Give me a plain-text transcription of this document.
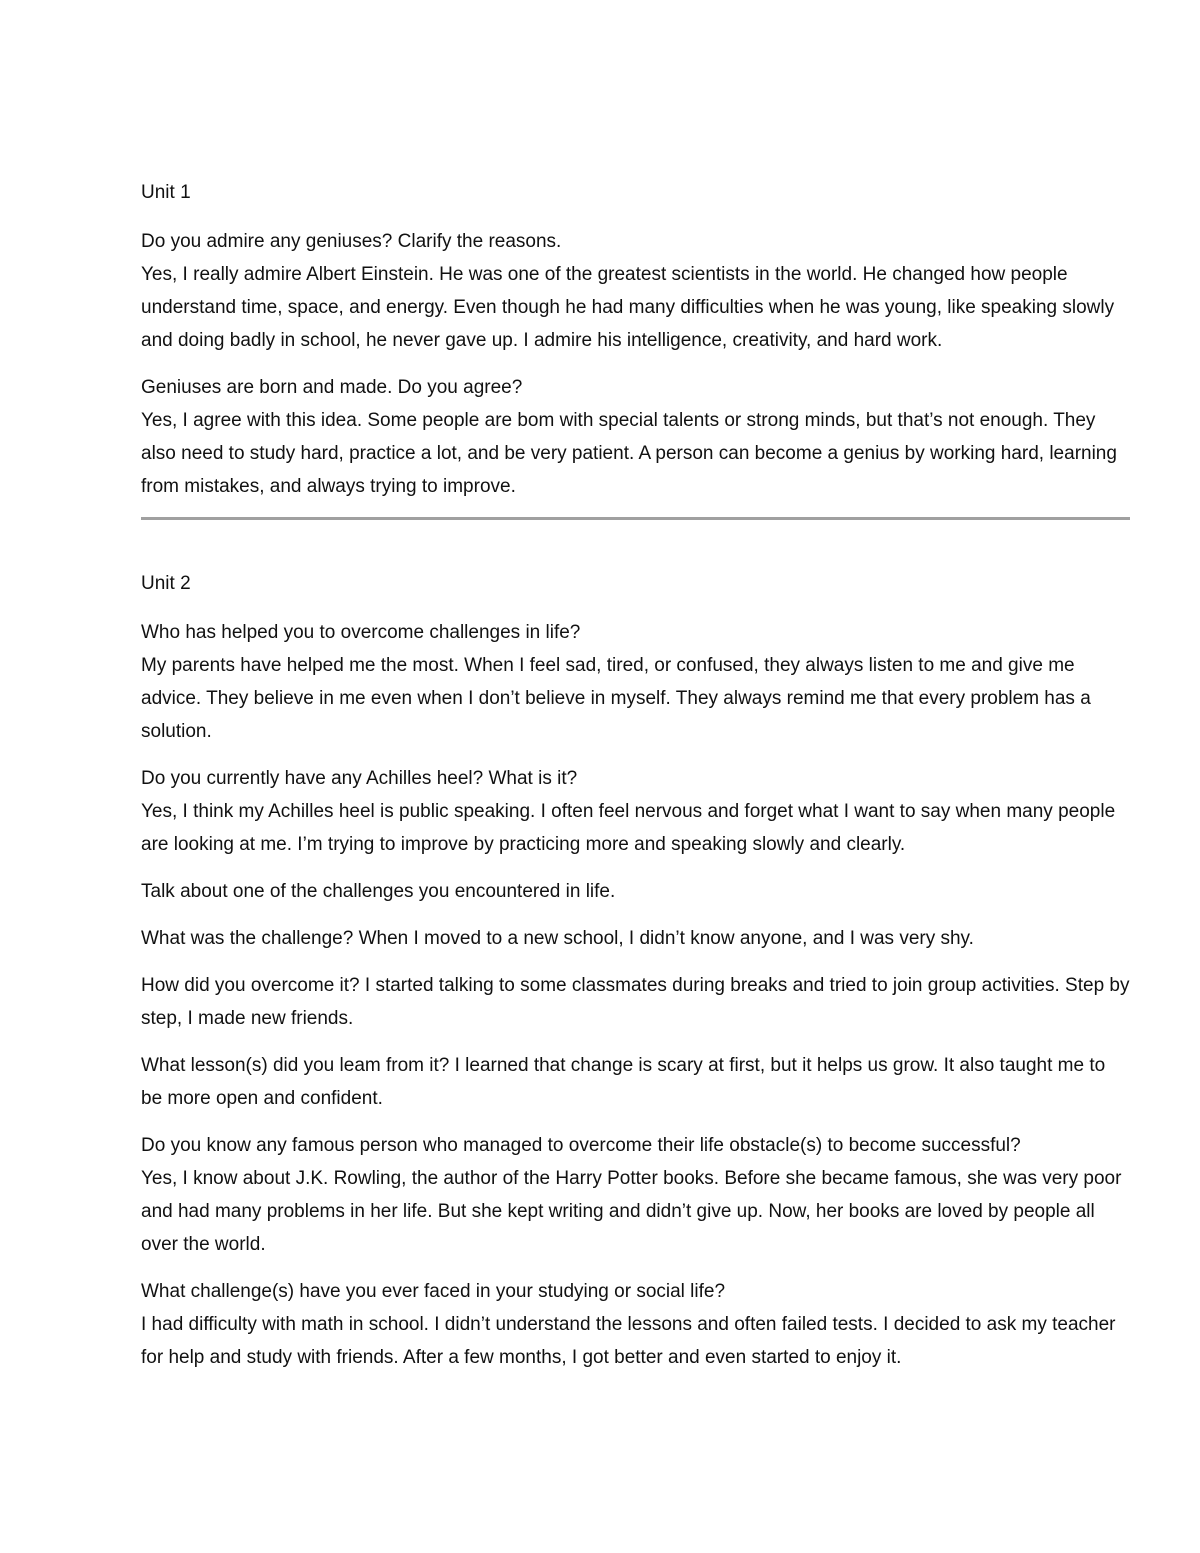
Unit 1
Do you admire any geniuses? Clarify the reasons.
Yes, I really admire Albert Einstein. He was one of the greatest scientists in the world. He changed how people understand time, space, and energy. Even though he had many difficulties when he was young, like speaking slowly and doing badly in school, he never gave up. I admire his intelligence, creativity, and hard work.
Geniuses are born and made. Do you agree?
Yes, I agree with this idea. Some people are bom with special talents or strong minds, but that’s not enough. They also need to study hard, practice a lot, and be very patient. A person can become a genius by working hard, learning from mistakes, and always trying to improve.
Unit 2
Who has helped you to overcome challenges in life?
My parents have helped me the most. When I feel sad, tired, or confused, they always listen to me and give me advice. They believe in me even when I don’t believe in myself. They always remind me that every problem has a solution.
Do you currently have any Achilles heel? What is it?
Yes, I think my Achilles heel is public speaking. I often feel nervous and forget what I want to say when many people are looking at me. I’m trying to improve by practicing more and speaking slowly and clearly.
Talk about one of the challenges you encountered in life.
What was the challenge? When I moved to a new school, I didn’t know anyone, and I was very shy.
How did you overcome it? I started talking to some classmates during breaks and tried to join group activities. Step by step, I made new friends.
What lesson(s) did you leam from it? I learned that change is scary at first, but it helps us grow. It also taught me to be more open and confident.
Do you know any famous person who managed to overcome their life obstacle(s) to become successful?
Yes, I know about J.K. Rowling, the author of the Harry Potter books. Before she became famous, she was very poor and had many problems in her life. But she kept writing and didn’t give up. Now, her books are loved by people all over the world.
What challenge(s) have you ever faced in your studying or social life?
I had difficulty with math in school. I didn’t understand the lessons and often failed tests. I decided to ask my teacher for help and study with friends. After a few months, I got better and even started to enjoy it.
